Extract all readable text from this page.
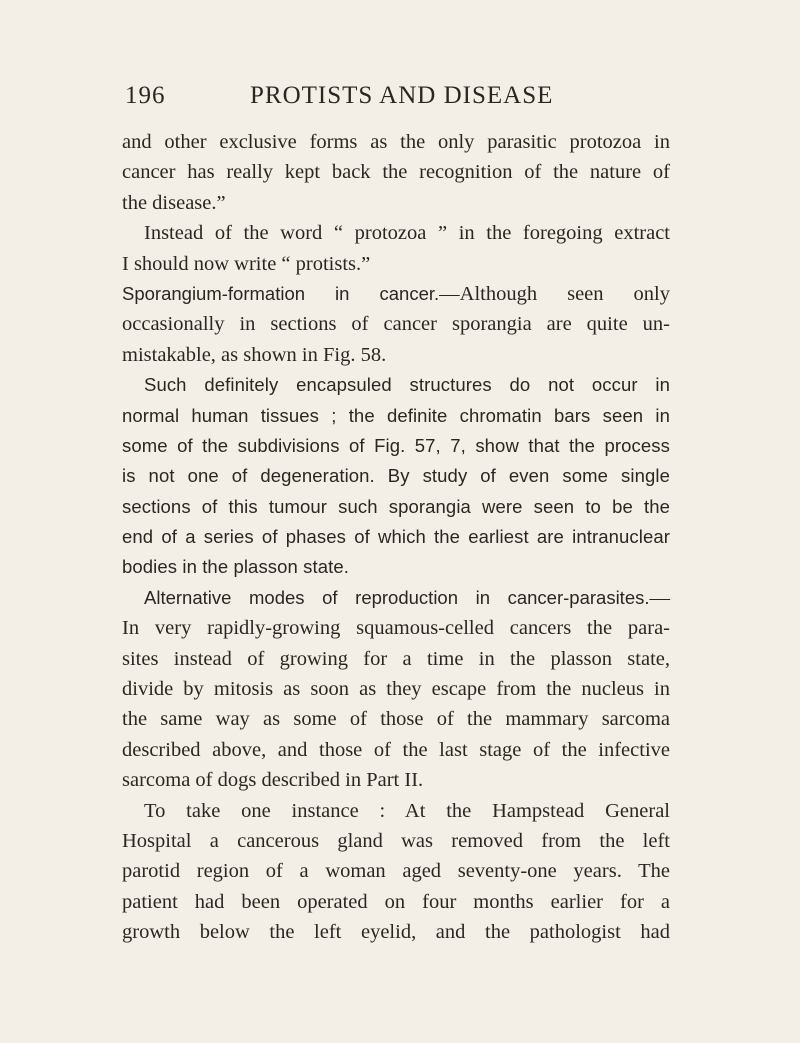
196	PROTISTS AND DISEASE
and other exclusive forms as the only parasitic protozoa in
cancer has really kept back the recognition of the nature of
the disease.”
Instead of the word “ protozoa ” in the foregoing extract
I should now write “ protists.”
Sporangium-formation in cancer.—Although seen only
occasionally in sections of cancer sporangia are quite un-
mistakable, as shown in Fig. 58.
Such definitely encapsuled structures do not occur in
normal human tissues ; the definite chromatin bars seen in
some of the subdivisions of Fig. 57, 7, show that the process
is not one of degeneration. By study of even some single
sections of this tumour such sporangia were seen to be the
end of a series of phases of which the earliest are intranuclear
bodies in the plasson state.
Alternative modes of reproduction in cancer-parasites.—
In very rapidly-growing squamous-celled cancers the para-
sites instead of growing for a time in the plasson state,
divide by mitosis as soon as they escape from the nucleus in
the same way as some of those of the mammary sarcoma
described above, and those of the last stage of the infective
sarcoma of dogs described in Part II.
To take one instance : At the Hampstead General
Hospital a cancerous gland was removed from the left
parotid region of a woman aged seventy-one years. The
patient had been operated on four months earlier for a
growth below the left eyelid, and the pathologist had
